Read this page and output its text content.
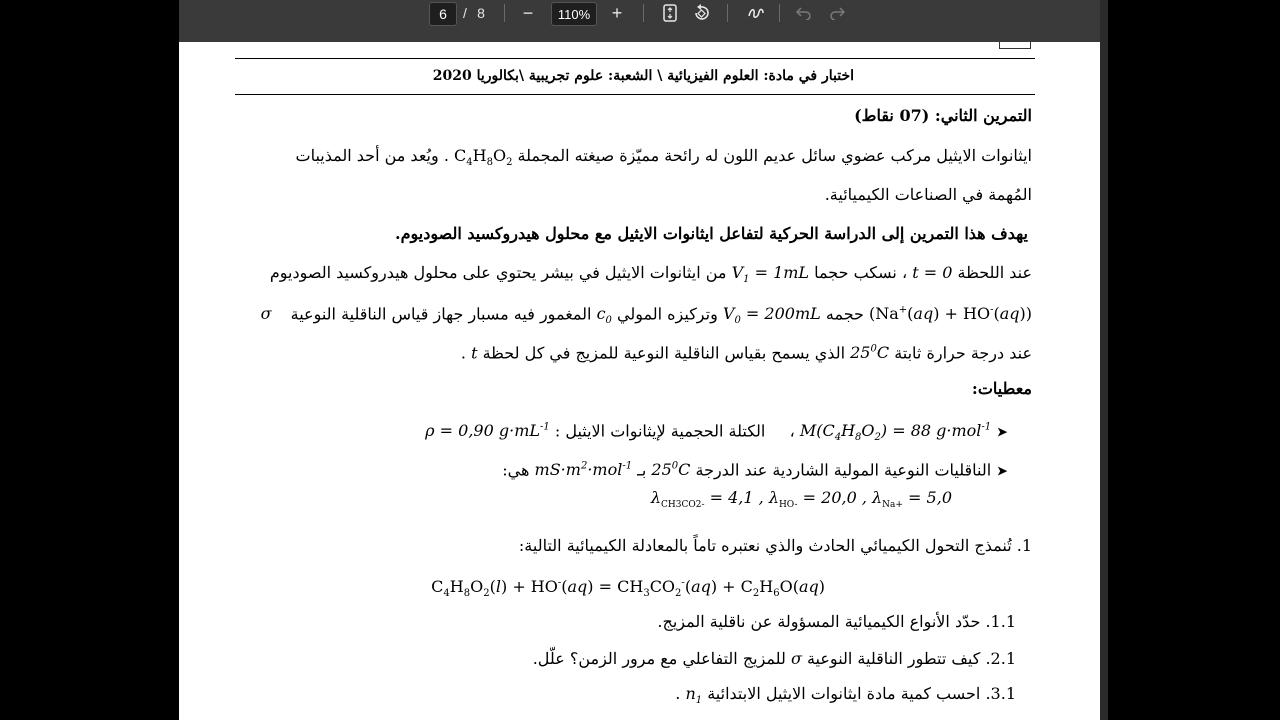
6 / 8 − 110% +
اختبار في مادة: العلوم الفيزيائية \ الشعبة: علوم تجريبية \بكالوريا 2020
التمرين الثاني: (07 نقاط)
ايثانوات الايثيل مركب عضوي سائل عديم اللون له رائحة مميّزة صيغته المجملة $C_4H_8O_2$ . ويُعد من أحد المذيبات
المُهمة في الصناعات الكيميائية.
يهدف هذا التمرين إلى الدراسة الحركية لتفاعل ايثانوات الايثيل مع محلول هيدروكسيد الصوديوم.
عند اللحظة t = 0 ، نسكب حجما $V_1 = 1mL$ من ايثانوات الايثيل في بيشر يحتوي على محلول هيدروكسيد الصوديوم
(Na+(aq) + HO-(aq)) حجمه $V_0 = 200mL$ وتركيزه المولي $c_0$ المغمور فيه مسبار جهاز قياس الناقلية النوعية σ
عند درجة حرارة ثابتة $25^0C$ الذي يسمح بقياس الناقلية النوعية للمزيج في كل لحظة t .
معطيات:
➤ $M(C_4H_8O_2) = 88$ g·mol$^{-1}$ ،  الكتلة الحجمية لإيثانوات الايثيل : ρ = 0,90 $g\cdot mL^{-1}$
➤ الناقليات النوعية المولية الشاردية عند الدرجة $25^0C$ بـ $mS\cdot m^2\cdot mol^{-1}$ هي:
$\lambda_{CH3CO2-} = 4,1$ , $\lambda_{HO-} = 20,0$ , $\lambda_{Na+} = 5,0$
1. تُنمذج التحول الكيميائي الحادث والذي نعتبره تاماً بالمعادلة الكيميائية التالية:
$C_4H_8O_2(l) + HO^-(aq) = CH_3CO_2^-(aq) + C_2H_6O(aq)$
1.1. حدّد الأنواع الكيميائية المسؤولة عن ناقلية المزيج.
2.1. كيف تتطور الناقلية النوعية σ للمزيج التفاعلي مع مرور الزمن؟ علّل.
3.1. احسب كمية مادة ايثانوات الايثيل الابتدائية $n_1$ .
